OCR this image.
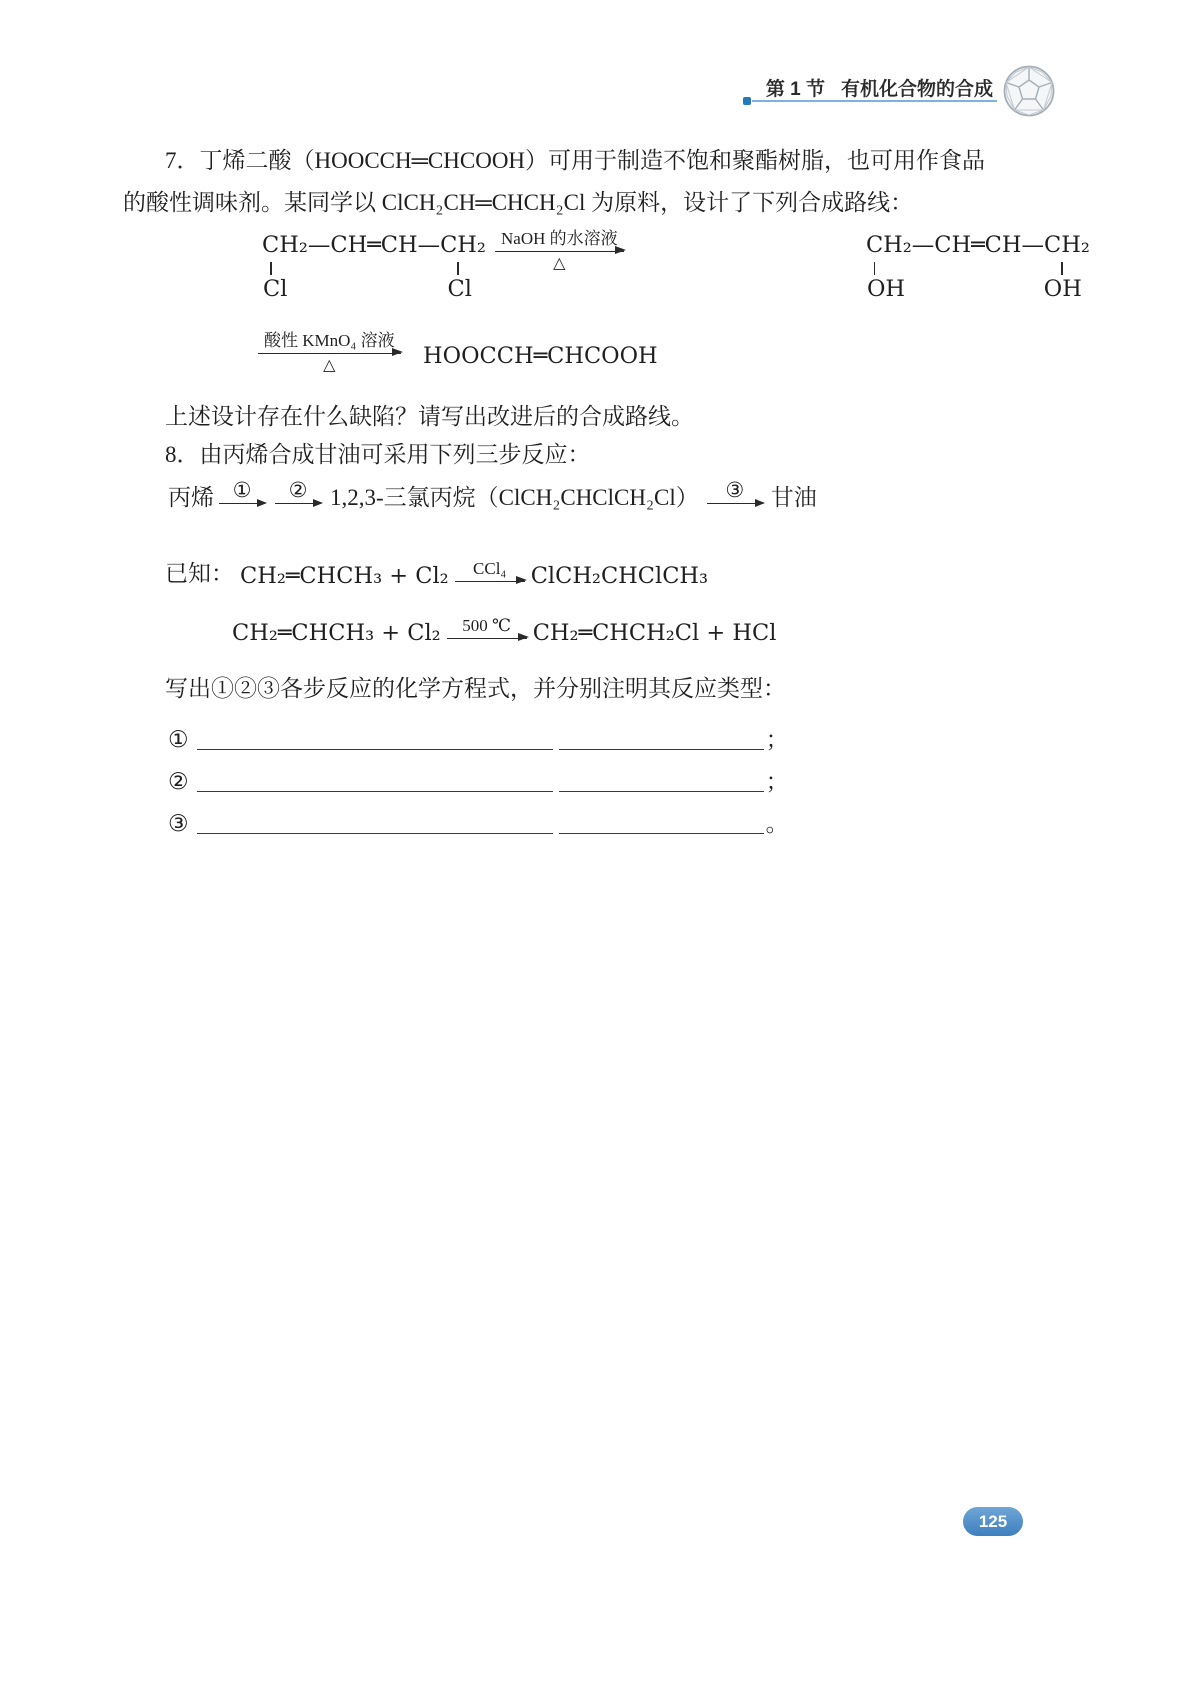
第 1 节 有机化合物的合成
7．丁烯二酸（HOOCCH═CHCOOH）可用于制造不饱和聚酯树脂，也可用作食品
的酸性调味剂。某同学以 ClCH₂CH═CHCH₂Cl 为原料，设计了下列合成路线：
CH₂—CH═CH—CH₂
Cl	Cl

NaOH 的水溶液
△
CH₂—CH═CH—CH₂
OH	OH
酸性 KMnO₄ 溶液
△	HOOCCH═CHCOOH
上述设计存在什么缺陷？请写出改进后的合成路线。
8．由丙烯合成甘油可采用下列三步反应：
丙烯 ① ② 1,2,3-三氯丙烷（ClCH₂CHClCH₂Cl） ③ 甘油
已知： CH₂═CHCH₃ + Cl₂	CCl₄ ClCH₂CHClCH₃
CH₂═CHCH₃ + Cl₂	500 ℃ CH₂═CHCH₂Cl + HCl
写出①②③各步反应的化学方程式，并分别注明其反应类型：
①	；
②	；
③	。
125
